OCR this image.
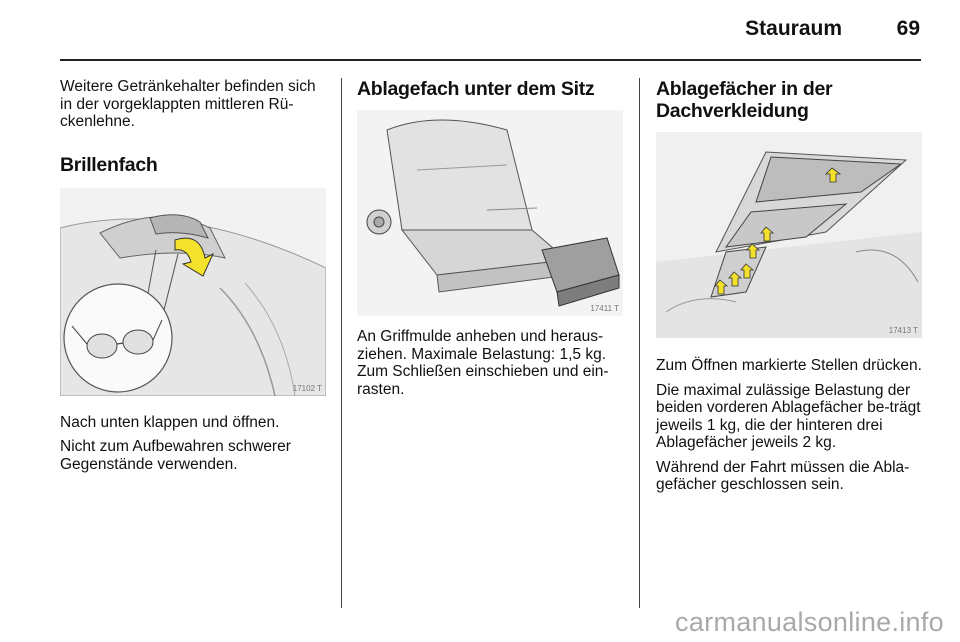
Stauraum	69

Weitere Getränkehalter befinden sich in der vorgeklappten mittleren Rü-ckenlehne.

Brillenfach
17102 T

Nach unten klappen und öffnen.

Nicht zum Aufbewahren schwerer Gegenstände verwenden.

Ablagefach unter dem Sitz
17411 T

An Griffmulde anheben und heraus-ziehen. Maximale Belastung: 1,5 kg. Zum Schließen einschieben und ein-rasten.

Ablagefächer in der Dachverkleidung
17413 T

Zum Öffnen markierte Stellen drücken.

Die maximal zulässige Belastung der beiden vorderen Ablagefächer be-trägt jeweils 1 kg, die der hinteren drei Ablagefächer jeweils 2 kg.

Während der Fahrt müssen die Abla-gefächer geschlossen sein.

carmanualsonline.info
